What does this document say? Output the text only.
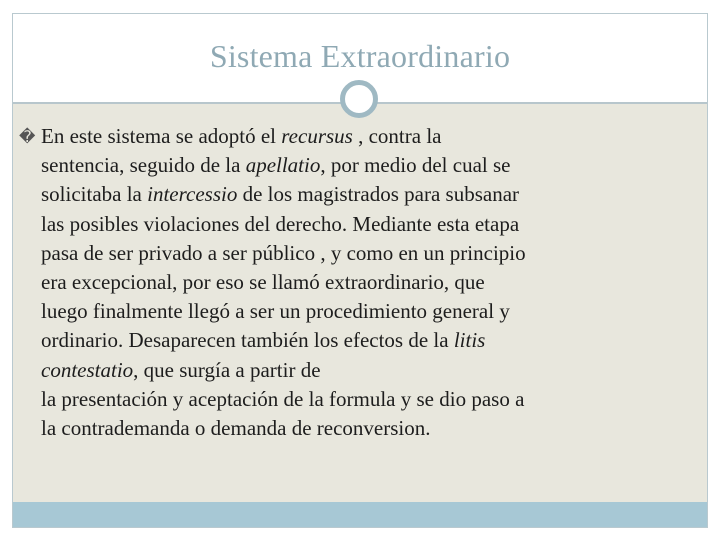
Sistema Extraordinario
� En este sistema se adoptó el recursus , contra la
sentencia, seguido de la apellatio, por medio del cual se
solicitaba la intercessio de los magistrados para subsanar
las posibles violaciones del derecho. Mediante esta etapa
pasa de ser privado a ser público , y como en un principio
era excepcional, por eso se llamó extraordinario, que
luego finalmente llegó a ser un procedimiento general y
ordinario. Desaparecen también los efectos de la litis
contestatio, que surgía a partir de
la presentación y aceptación de la formula y se dio paso a
la contrademanda o demanda de reconversion.
